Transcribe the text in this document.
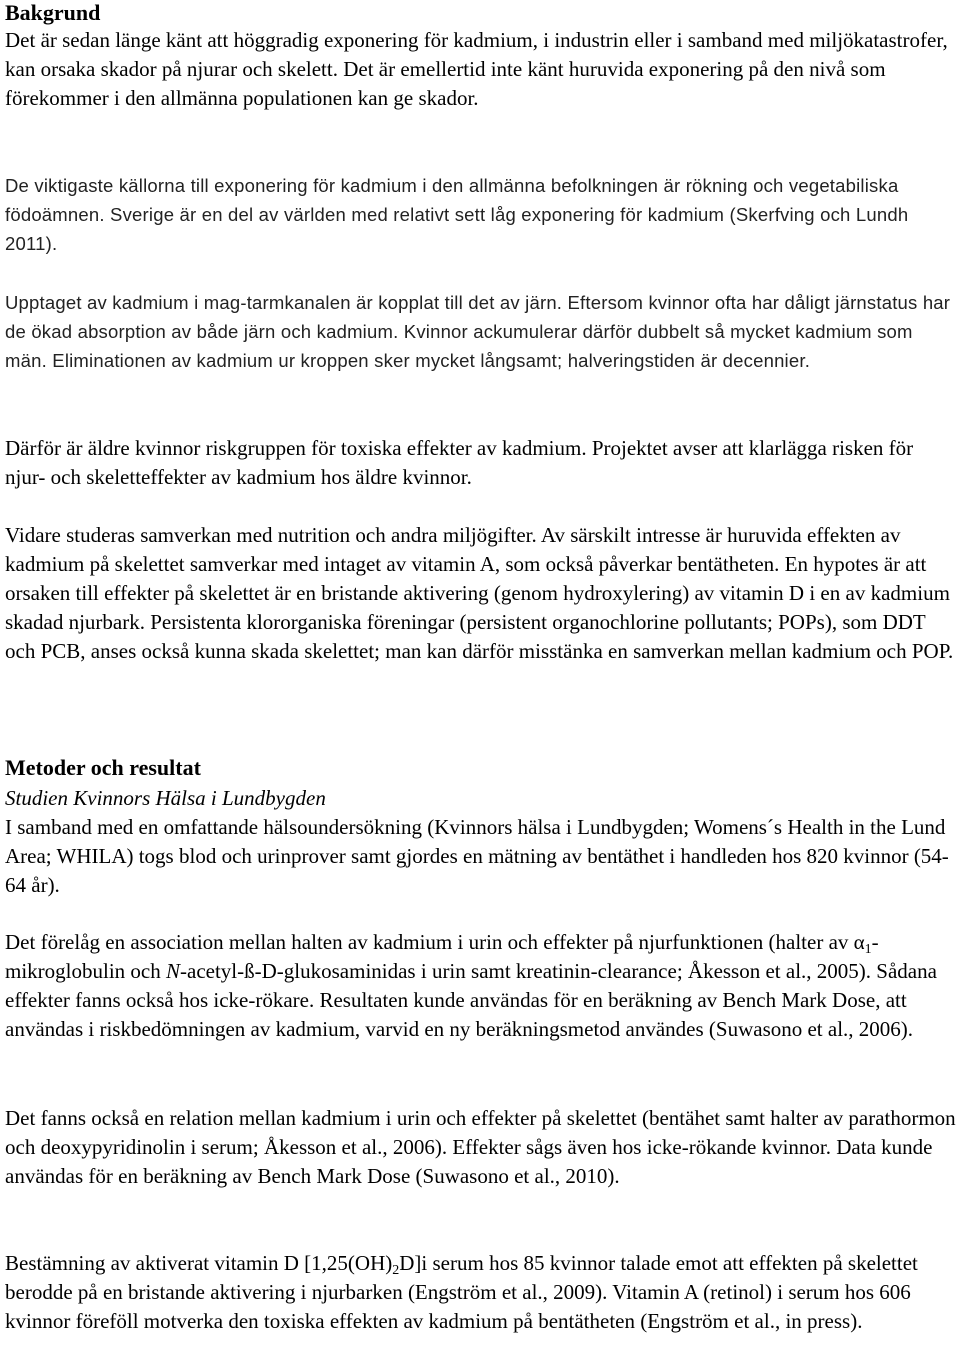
Bakgrund

Det är sedan länge känt att höggradig exponering för kadmium, i industrin eller i samband med miljökatastrofer, kan orsaka skador på njurar och skelett. Det är emellertid inte känt huruvida exponering på den nivå som förekommer i den allmänna populationen kan ge skador.

De viktigaste källorna till exponering för kadmium i den allmänna befolkningen är rökning och vegetabiliska födoämnen. Sverige är en del av världen med relativt sett låg exponering för kadmium (Skerfving och Lundh 2011).

Upptaget av kadmium i mag-tarmkanalen är kopplat till det av järn. Eftersom kvinnor ofta har dåligt järnstatus har de ökad absorption av både järn och kadmium. Kvinnor ackumulerar därför dubbelt så mycket kadmium som män. Eliminationen av kadmium ur kroppen sker mycket långsamt; halveringstiden är decennier.

Därför är äldre kvinnor riskgruppen för toxiska effekter av kadmium. Projektet avser att klarlägga risken för njur- och skeletteffekter av kadmium hos äldre kvinnor.

Vidare studeras samverkan med nutrition och andra miljögifter. Av särskilt intresse är huruvida effekten av kadmium på skelettet samverkar med intaget av vitamin A, som också påverkar bentätheten. En hypotes är att orsaken till effekter på skelettet är en bristande aktivering (genom hydroxylering) av vitamin D i en av kadmium skadad njurbark. Persistenta klororganiska föreningar (persistent organochlorine pollutants; POPs), som DDT och PCB, anses också kunna skada skelettet; man kan därför misstänka en samverkan mellan kadmium och POP.

Metoder och resultat

Studien Kvinnors Hälsa i Lundbygden

I samband med en omfattande hälsoundersökning (Kvinnors hälsa i Lundbygden; Womens´s Health in the Lund Area; WHILA) togs blod och urinprover samt gjordes en mätning av bentäthet i handleden hos 820 kvinnor (54-64 år).

Det förelåg en association mellan halten av kadmium i urin och effekter på njurfunktionen (halter av $\alpha_1$-mikroglobulin och N-acetyl-ß-D-glukosaminidas i urin samt kreatinin-clearance; Åkesson et al., 2005). Sådana effekter fanns också hos icke-rökare. Resultaten kunde användas för en beräkning av Bench Mark Dose, att användas i riskbedömningen av kadmium, varvid en ny beräkningsmetod användes (Suwasono et al., 2006).

Det fanns också en relation mellan kadmium i urin och effekter på skelettet (bentähet samt halter av parathormon och deoxypyridinolin i serum; Åkesson et al., 2006). Effekter sågs även hos icke-rökande kvinnor. Data kunde användas för en beräkning av Bench Mark Dose (Suwasono et al., 2010).

Bestämning av aktiverat vitamin D $[1,25(OH)_2D]i$ serum hos 85 kvinnor talade emot att effekten på skelettet berodde på en bristande aktivering i njurbarken (Engström et al., 2009). Vitamin A (retinol) i serum hos 606 kvinnor föreföll motverka den toxiska effekten av kadmium på bentätheten (Engström et al., in press).
